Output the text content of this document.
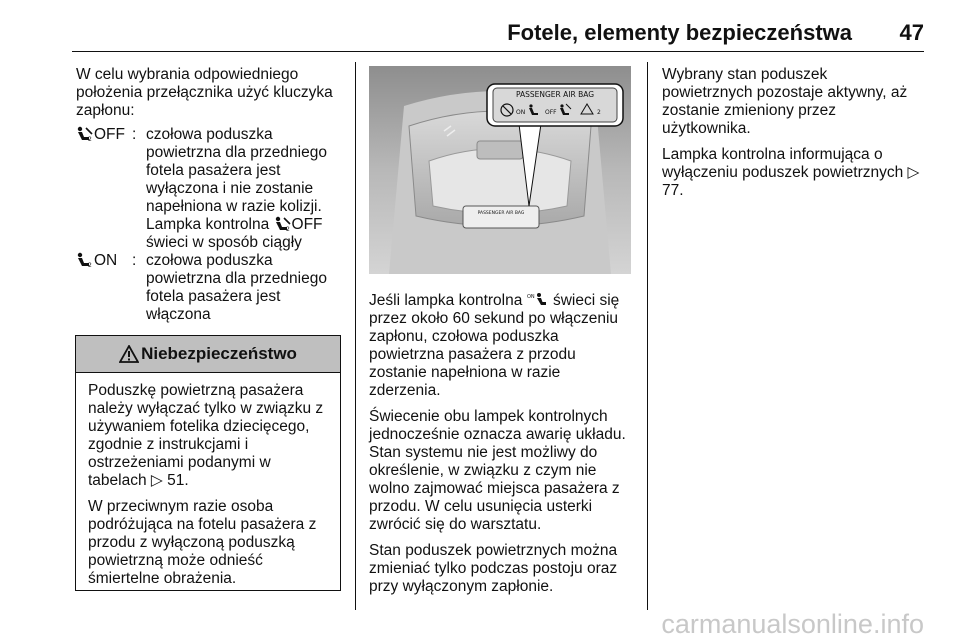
Fotele, elementy bezpieczeństwa 47

W celu wybrania odpowiedniego położenia przełącznika użyć kluczyka zapłonu:

2 OFF : czołowa poduszka powietrzna dla przedniego fotela pasażera jest wyłączona i nie zostanie napełniona w razie kolizji. Lampka kontrolna 2 OFF świeci w sposób ciągły
2 ON : czołowa poduszka powietrzna dla przedniego fotela pasażera jest włączona
Niebezpieczeństwo

Poduszkę powietrzną pasażera należy wyłączać tylko w związku z używaniem fotelika dziecięcego, zgodnie z instrukcjami i ostrzeżeniami podanymi w tabelach ▷ 51.

W przeciwnym razie osoba podróżująca na fotelu pasażera z przodu z wyłączoną poduszką powietrzną może odnieść śmiertelne obrażenia.

PASSENGER AIR BAG
PASSENGER AIR BAG
ON	OFF	2

Jeśli lampka kontrolna ON świeci się przez około 60 sekund po włączeniu zapłonu, czołowa poduszka powietrzna pasażera z przodu zostanie napełniona w razie zderzenia.

Świecenie obu lampek kontrolnych jednocześnie oznacza awarię układu. Stan systemu nie jest możliwy do określenie, w związku z czym nie wolno zajmować miejsca pasażera z przodu. W celu usunięcia usterki zwrócić się do warsztatu.

Stan poduszek powietrznych można zmieniać tylko podczas postoju oraz przy wyłączonym zapłonie.

Wybrany stan poduszek powietrznych pozostaje aktywny, aż zostanie zmieniony przez użytkownika.

Lampka kontrolna informująca o wyłączeniu poduszek powietrznych ▷ 77.

carmanualsonline.info
